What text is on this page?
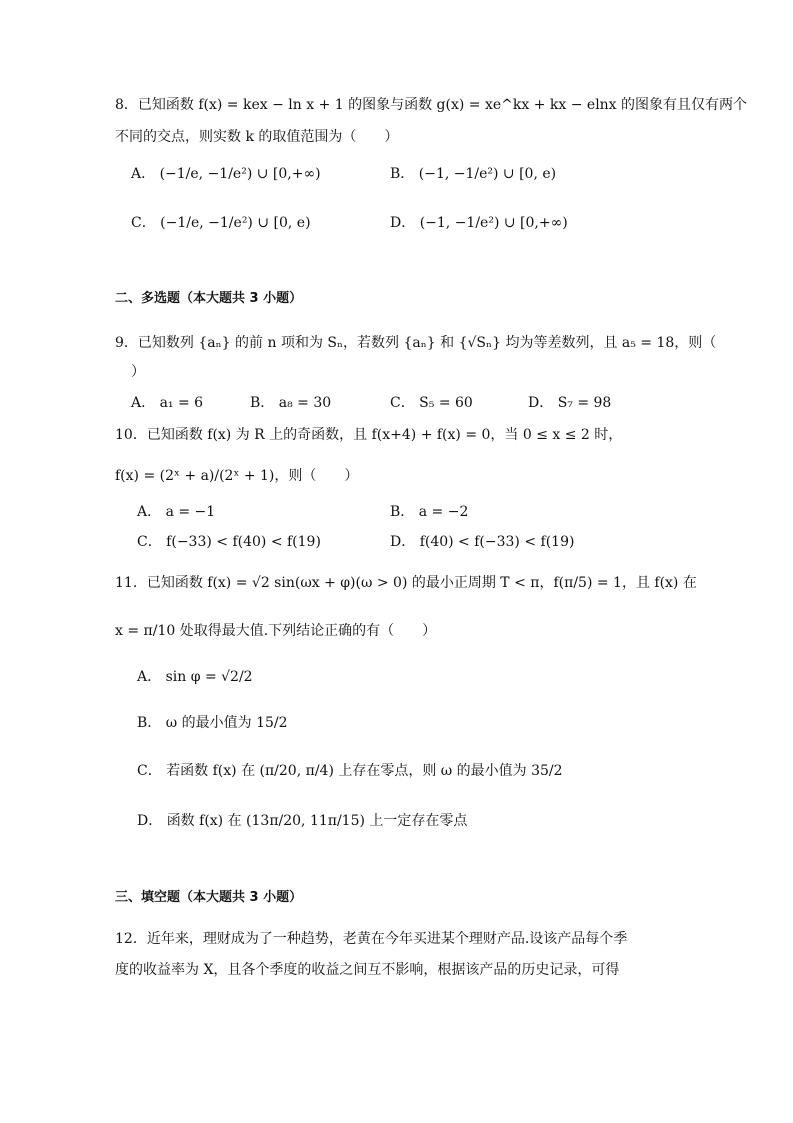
8．已知函数 f(x) = kex − ln x + 1 的图象与函数 g(x) = xe^kx + kx − elnx 的图象有且仅有两个
不同的交点，则实数 k 的取值范围为（　　）
A． (−1/e, −1/e²) ∪ [0,+∞)	B． (−1, −1/e²) ∪ [0, e)
C． (−1/e, −1/e²) ∪ [0, e)	D． (−1, −1/e²) ∪ [0,+∞)
二、多选题（本大题共 3 小题）
9．已知数列 {aₙ} 的前 n 项和为 Sₙ，若数列 {aₙ} 和 {√Sₙ} 均为等差数列，且 a₅ = 18，则（
）
A． a₁ = 6	B． a₈ = 30	C． S₅ = 60	D． S₇ = 98
10．已知函数 f(x) 为 R 上的奇函数，且 f(x+4) + f(x) = 0，当 0 ≤ x ≤ 2 时，
f(x) = (2ˣ + a)/(2ˣ + 1)，则（　　）
A． a = −1	B． a = −2
C． f(−33) < f(40) < f(19)	D． f(40) < f(−33) < f(19)
11．已知函数 f(x) = √2 sin(ωx + φ)(ω > 0) 的最小正周期 T < π，f(π/5) = 1，且 f(x) 在
x = π/10 处取得最大值.下列结论正确的有（　　）
A． sin φ = √2/2
B． ω 的最小值为 15/2
C． 若函数 f(x) 在 (π/20, π/4) 上存在零点，则 ω 的最小值为 35/2
D． 函数 f(x) 在 (13π/20, 11π/15) 上一定存在零点
三、填空题（本大题共 3 小题）
12．近年来，理财成为了一种趋势，老黄在今年买进某个理财产品.设该产品每个季
度的收益率为 X，且各个季度的收益之间互不影响，根据该产品的历史记录，可得
